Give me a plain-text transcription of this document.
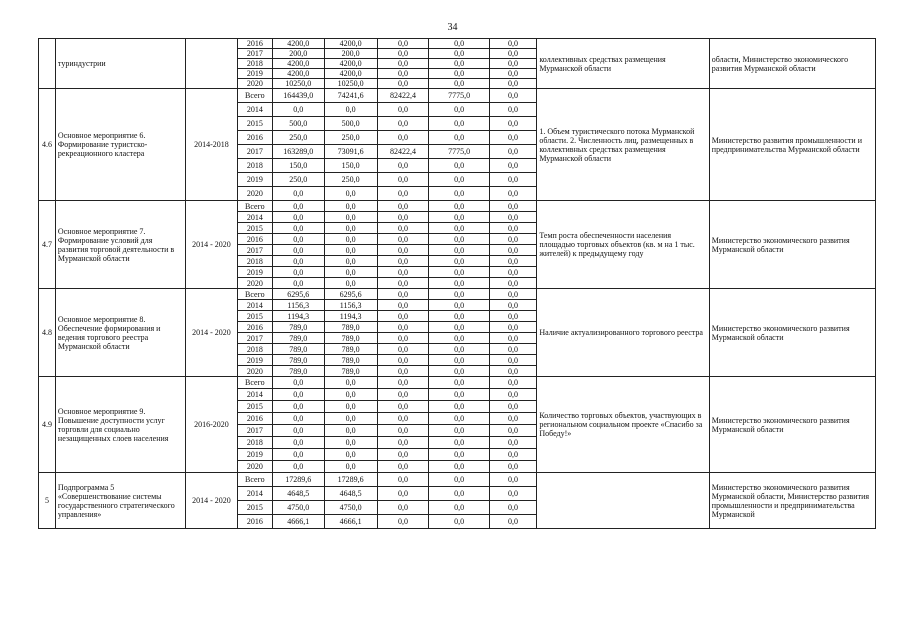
34
	туриндустрии		2016	4200,0	4200,0	0,0	0,0	0,0	коллективных средствах размещения Мурманской области	области, Министерство экономического развития Мурманской области
			2017	200,0	200,0	0,0	0,0	0,0		
			2018	4200,0	4200,0	0,0	0,0	0,0		
			2019	4200,0	4200,0	0,0	0,0	0,0		
			2020	10250,0	10250,0	0,0	0,0	0,0		
4.6	Основное мероприятие 6. Формирование туристско-рекреационного кластера	2014-2018	Всего	164439,0	74241,6	82422,4	7775,0	0,0	1. Объем туристического потока Мурманской области. 2. Численность лиц, размещенных в коллективных средствах размещения Мурманской области	Министерство развития промышленности и предпринимательства Мурманской области
			2014	0,0	0,0	0,0	0,0	0,0		
			2015	500,0	500,0	0,0	0,0	0,0		
			2016	250,0	250,0	0,0	0,0	0,0		
			2017	163289,0	73091,6	82422,4	7775,0	0,0		
			2018	150,0	150,0	0,0	0,0	0,0		
			2019	250,0	250,0	0,0	0,0	0,0		
			2020	0,0	0,0	0,0	0,0	0,0		
4.7	Основное мероприятие 7. Формирование условий для развития торговой деятельности в Мурманской области	2014 - 2020	Всего	0,0	0,0	0,0	0,0	0,0	Темп роста обеспеченности населения площадью торговых объектов (кв. м на 1 тыс. жителей) к предыдущему году	Министерство экономического развития Мурманской области
			2014	0,0	0,0	0,0	0,0	0,0		
			2015	0,0	0,0	0,0	0,0	0,0		
			2016	0,0	0,0	0,0	0,0	0,0		
			2017	0,0	0,0	0,0	0,0	0,0		
			2018	0,0	0,0	0,0	0,0	0,0		
			2019	0,0	0,0	0,0	0,0	0,0		
			2020	0,0	0,0	0,0	0,0	0,0		
4.8	Основное мероприятие 8. Обеспечение формирования и ведения торгового реестра Мурманской области	2014 - 2020	Всего	6295,6	6295,6	0,0	0,0	0,0	Наличие актуализированного торгового реестра	Министерство экономического развития Мурманской области
			2014	1156,3	1156,3	0,0	0,0	0,0		
			2015	1194,3	1194,3	0,0	0,0	0,0		
			2016	789,0	789,0	0,0	0,0	0,0		
			2017	789,0	789,0	0,0	0,0	0,0		
			2018	789,0	789,0	0,0	0,0	0,0		
			2019	789,0	789,0	0,0	0,0	0,0		
			2020	789,0	789,0	0,0	0,0	0,0		
4.9	Основное мероприятие 9. Повышение доступности услуг торговли для социально незащищенных слоев населения	2016-2020	Всего	0,0	0,0	0,0	0,0	0,0	Количество торговых объектов, участвующих в региональном социальном проекте «Спасибо за Победу!»	Министерство экономического развития Мурманской области
			2014	0,0	0,0	0,0	0,0	0,0		
			2015	0,0	0,0	0,0	0,0	0,0		
			2016	0,0	0,0	0,0	0,0	0,0		
			2017	0,0	0,0	0,0	0,0	0,0		
			2018	0,0	0,0	0,0	0,0	0,0		
			2019	0,0	0,0	0,0	0,0	0,0		
			2020	0,0	0,0	0,0	0,0	0,0		
5	Подпрограмма 5 «Совершенствование системы государственного стратегического управления»	2014 - 2020	Всего	17289,6	17289,6	0,0	0,0	0,0		Министерство экономического развития Мурманской области, Министерство развития промышленности и предпринимательства Мурманской
			2014	4648,5	4648,5	0,0	0,0	0,0		
			2015	4750,0	4750,0	0,0	0,0	0,0		
			2016	4666,1	4666,1	0,0	0,0	0,0		
